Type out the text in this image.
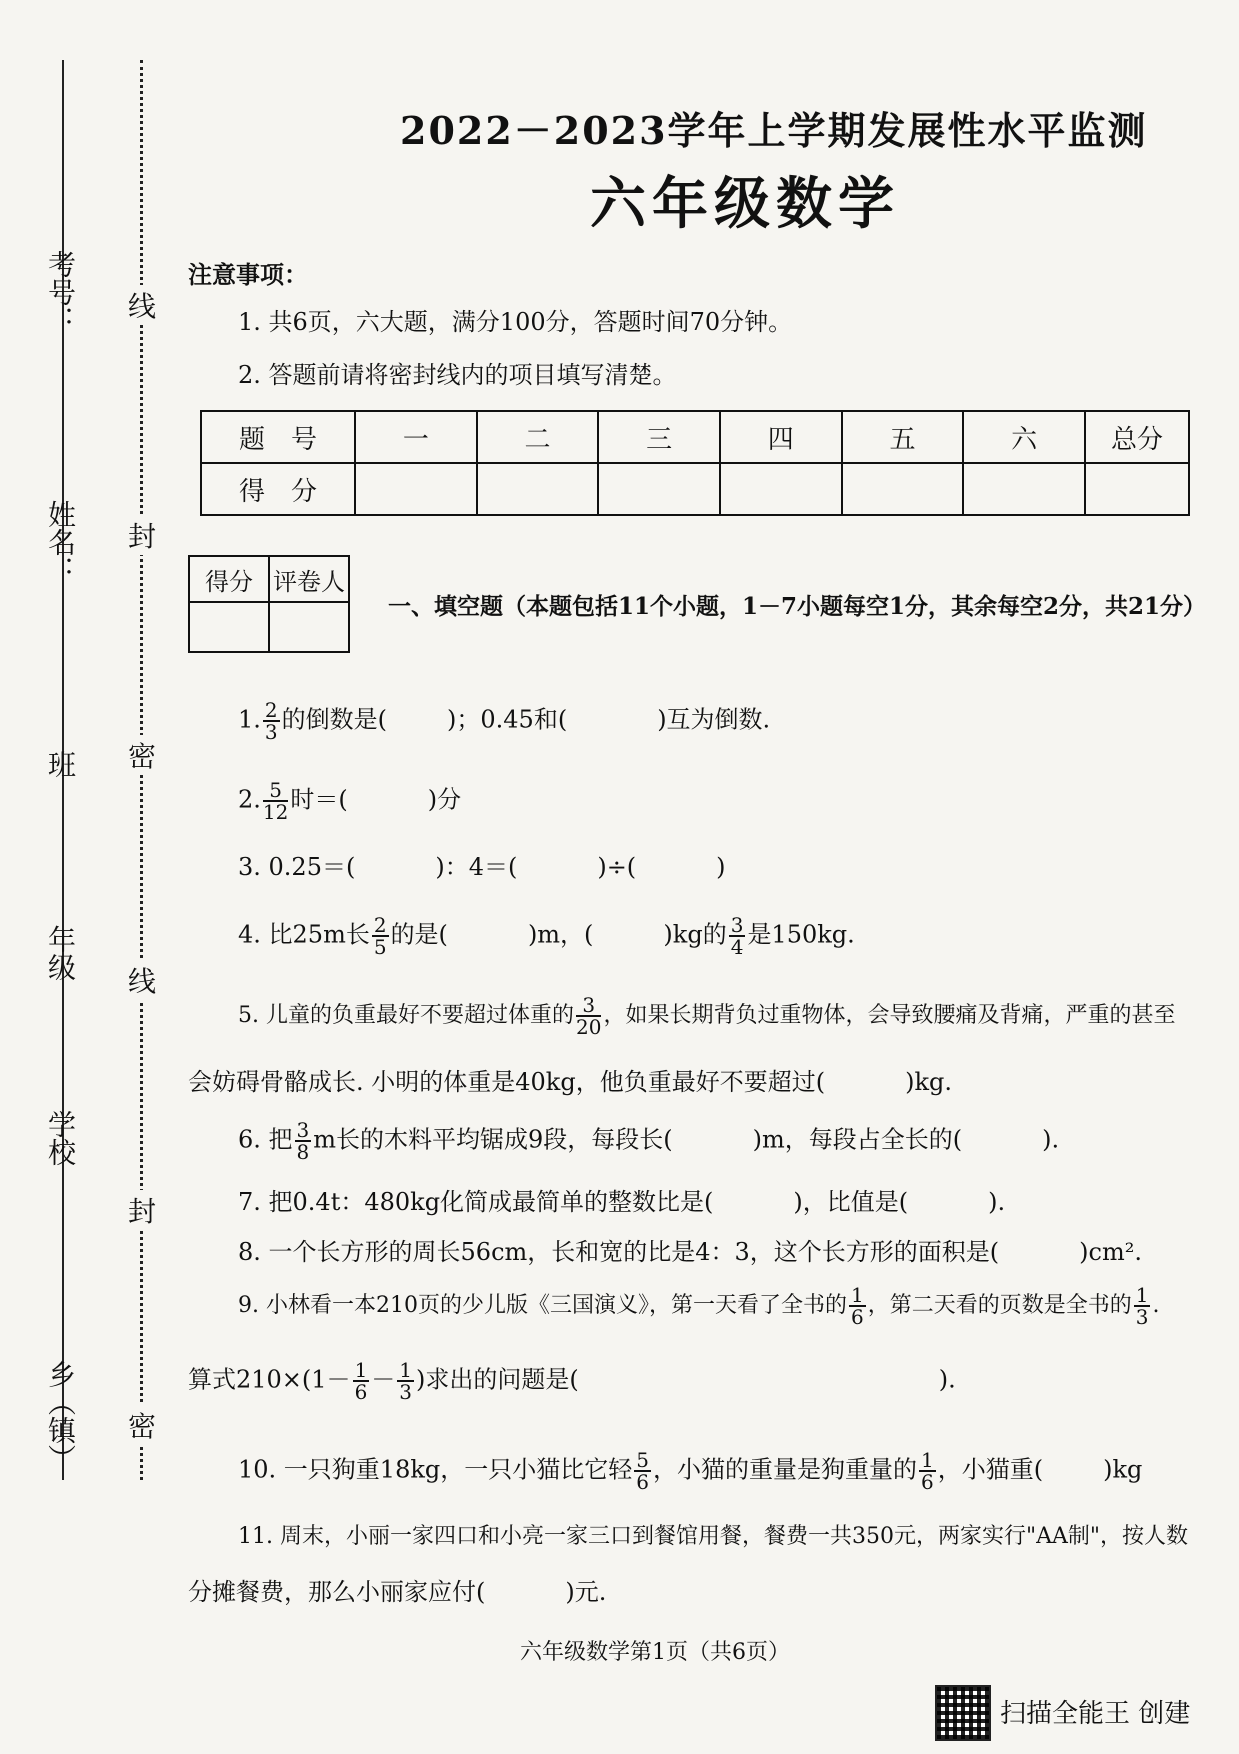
考号：
姓名：
班
年级
学校
乡（镇）
线
封
密
线
封
密
2022－2023学年上学期发展性水平监测
六年级数学
注意事项：
1. 共6页，六大题，满分100分，答题时间70分钟。
2. 答题前请将密封线内的项目填写清楚。
题　号	一	二	三	四	五	六	总分
得　分							
得分	评卷人

一、填空题（本题包括11个小题，1－7小题每空1分，其余每空2分，共21分）
1. $\frac{2}{3}$ 的倒数是(	)；0.45和(	)互为倒数.
2. $\frac{5}{12}$ 时＝(	)分
3. 0.25＝(	)：4＝(	)÷(	)
4. 比25m长 $\frac{2}{5}$ 的是(	)m，(	)kg的 $\frac{3}{4}$ 是150kg.
5. 儿童的负重最好不要超过体重的 $\frac{3}{20}$ ，如果长期背负过重物体，会导致腰痛及背痛，严重的甚至
会妨碍骨骼成长. 小明的体重是40kg，他负重最好不要超过(	)kg.
6. 把 $\frac{3}{8}$ m长的木料平均锯成9段，每段长(	)m，每段占全长的(	).
7. 把0.4t：480kg化简成最简单的整数比是(	)，比值是(	).
8. 一个长方形的周长56cm，长和宽的比是4：3，这个长方形的面积是(	)cm².
9. 小林看一本210页的少儿版《三国演义》，第一天看了全书的 $\frac{1}{6}$ ，第二天看的页数是全书的 $\frac{1}{3}$ .
算式$210\times(1- \frac{1}{6} - \frac{1}{3}$ )求出的问题是(	).
10. 一只狗重18kg，一只小猫比它轻 $\frac{5}{6}$ ，小猫的重量是狗重量的 $\frac{1}{6}$ ，小猫重(	)kg
11. 周末，小丽一家四口和小亮一家三口到餐馆用餐，餐费一共350元，两家实行"AA制"，按人数
分摊餐费，那么小丽家应付(	)元.
六年级数学第1页（共6页）
扫描全能王 创建
